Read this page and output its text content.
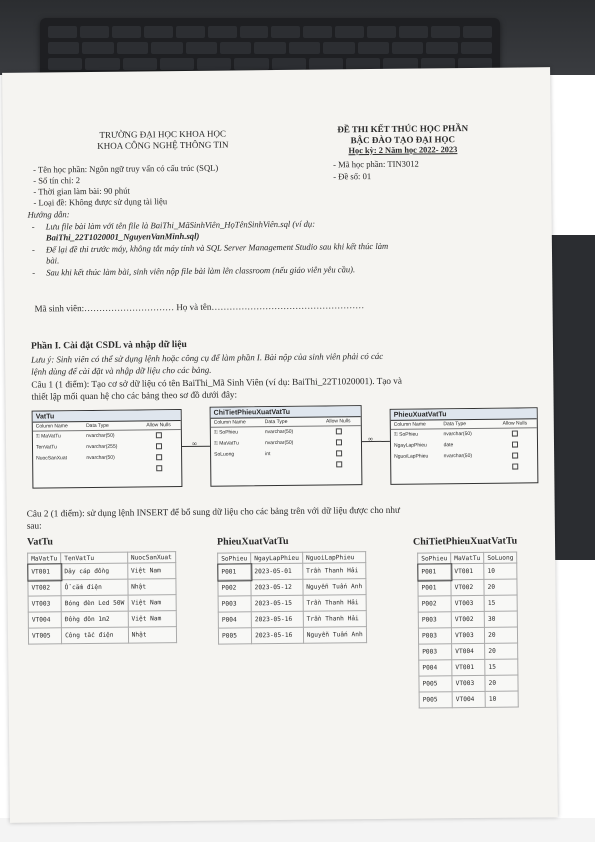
TRƯỜNG ĐẠI HỌC KHOA HỌC
KHOA CÔNG NGHỆ THÔNG TIN
ĐỀ THI KẾT THÚC HỌC PHẦN
BẬC ĐÀO TẠO ĐẠI HỌC
Học kỳ: 2 Năm học 2022- 2023
- Tên học phần: Ngôn ngữ truy vấn có cấu trúc (SQL)	- Mã học phần: TIN3012
- Số tín chỉ: 2	- Đề số: 01
- Thời gian làm bài: 90 phút
- Loại đề: Không được sử dụng tài liệu
Hướng dẫn:
- Lưu file bài làm với tên file là BaiThi_MãSinhViên_HọTênSinhViên.sql (ví dụ:
BaiThi_22T1020001_NguyenVanMinh.sql)
- Để lại đề thi trước máy, không tắt máy tính và SQL Server Management Studio sau khi kết thúc làm
bài.
- Sau khi kết thúc làm bài, sinh viên nộp file bài làm lên classroom (nếu giáo viên yêu cầu).
Mã sinh viên:………………………… Họ và tên……………………………………………
Phần I. Cài đặt CSDL và nhập dữ liệu
Lưu ý: Sinh viên có thể sử dụng lệnh hoặc công cụ để làm phần I. Bài nộp của sinh viên phải có các
lệnh dùng để cài đặt và nhập dữ liệu cho các bảng.
Câu 1 (1 điểm): Tạo cơ sở dữ liệu có tên BaiThi_Mã Sinh Viên (ví dụ: BaiThi_22T1020001). Tạo và
thiết lập mối quan hệ cho các bảng theo sơ đồ dưới đây:
VatTu
Column Name	Data Type	Allow Nulls
⚿ MaVatTu	nvarchar(50)
TenVatTu	nvarchar(255)
NuocSanXuat	nvarchar(50)
∞
ChiTietPhieuXuatVatTu
Column Name	Data Type	Allow Nulls
⚿ SoPhieu	nvarchar(50)
⚿ MaVatTu	nvarchar(50)
SoLuong	int
∞
PhieuXuatVatTu
Column Name	Data Type	Allow Nulls
⚿ SoPhieu	nvarchar(50)
NgayLapPhieu	date
NguoiLapPhieu	nvarchar(50)
Câu 2 (1 điểm): sử dụng lệnh INSERT để bổ sung dữ liệu cho các bảng trên với dữ liệu được cho như
sau:
VatTu
MaVatTu	TenVatTu	NuocSanXuat
VT001	Dây cáp đồng	Việt Nam
VT002	Ổ cắm điện	Nhật
VT003	Bóng đèn Led 50W	Việt Nam
VT004	Đồng đôn 1m2	Việt Nam
VT005	Công tắc điện	Nhật
PhieuXuatVatTu
SoPhieu	NgayLapPhieu	NguoiLapPhieu
P001	2023-05-01	Trần Thanh Hải
P002	2023-05-12	Nguyễn Tuấn Anh
P003	2023-05-15	Trần Thanh Hải
P004	2023-05-16	Trần Thanh Hải
P005	2023-05-16	Nguyễn Tuấn Anh
ChiTietPhieuXuatVatTu
SoPhieu	MaVatTu	SoLuong
P001	VT001	10
P001	VT002	20
P002	VT003	15
P003	VT002	30
P003	VT003	20
P003	VT004	20
P004	VT001	15
P005	VT003	20
P005	VT004	10
